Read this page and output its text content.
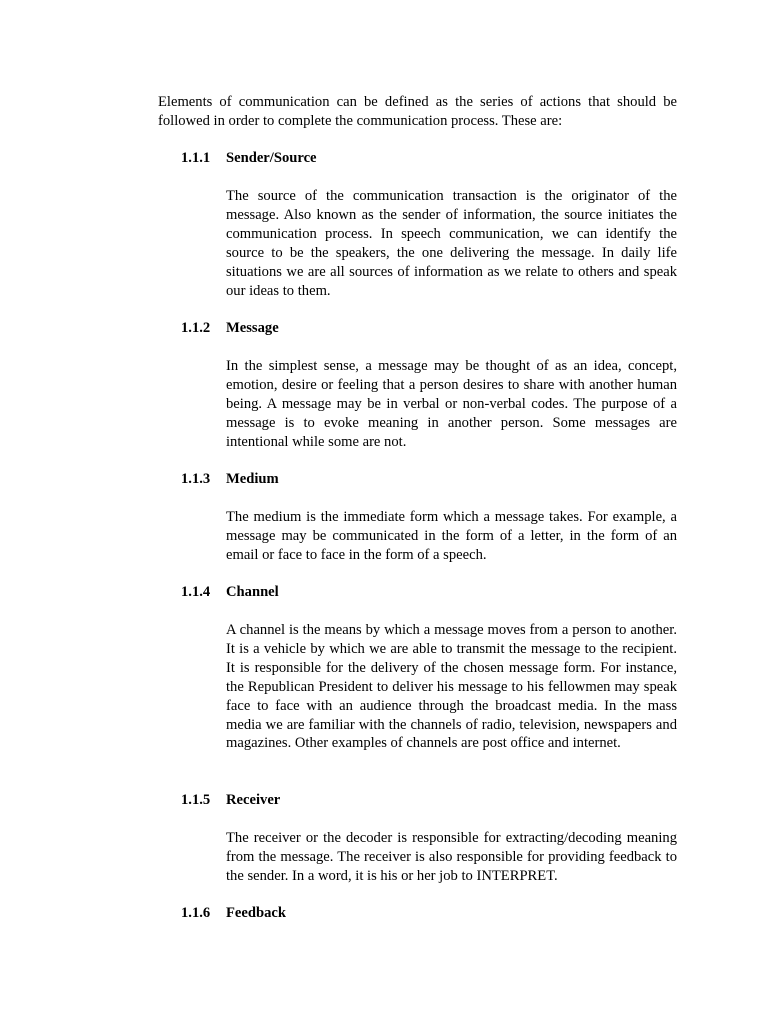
Elements of communication can be defined as the series of actions that should be followed in order to complete the communication process. These are:

1.1.1 Sender/Source

The source of the communication transaction is the originator of the message. Also known as the sender of information, the source initiates the communication process. In speech communication, we can identify the source to be the speakers, the one delivering the message. In daily life situations we are all sources of information as we relate to others and speak our ideas to them.

1.1.2 Message

In the simplest sense, a message may be thought of as an idea, concept, emotion, desire or feeling that a person desires to share with another human being. A message may be in verbal or non-verbal codes. The purpose of a message is to evoke meaning in another person. Some messages are intentional while some are not.

1.1.3 Medium

The medium is the immediate form which a message takes. For example, a message may be communicated in the form of a letter, in the form of an email or face to face in the form of a speech.

1.1.4 Channel

A channel is the means by which a message moves from a person to another. It is a vehicle by which we are able to transmit the message to the recipient. It is responsible for the delivery of the chosen message form. For instance, the Republican President to deliver his message to his fellowmen may speak face to face with an audience through the broadcast media. In the mass media we are familiar with the channels of radio, television, newspapers and magazines. Other examples of channels are post office and internet.

1.1.5 Receiver

The receiver or the decoder is responsible for extracting/decoding meaning from the message. The receiver is also responsible for providing feedback to the sender. In a word, it is his or her job to INTERPRET.

1.1.6 Feedback
